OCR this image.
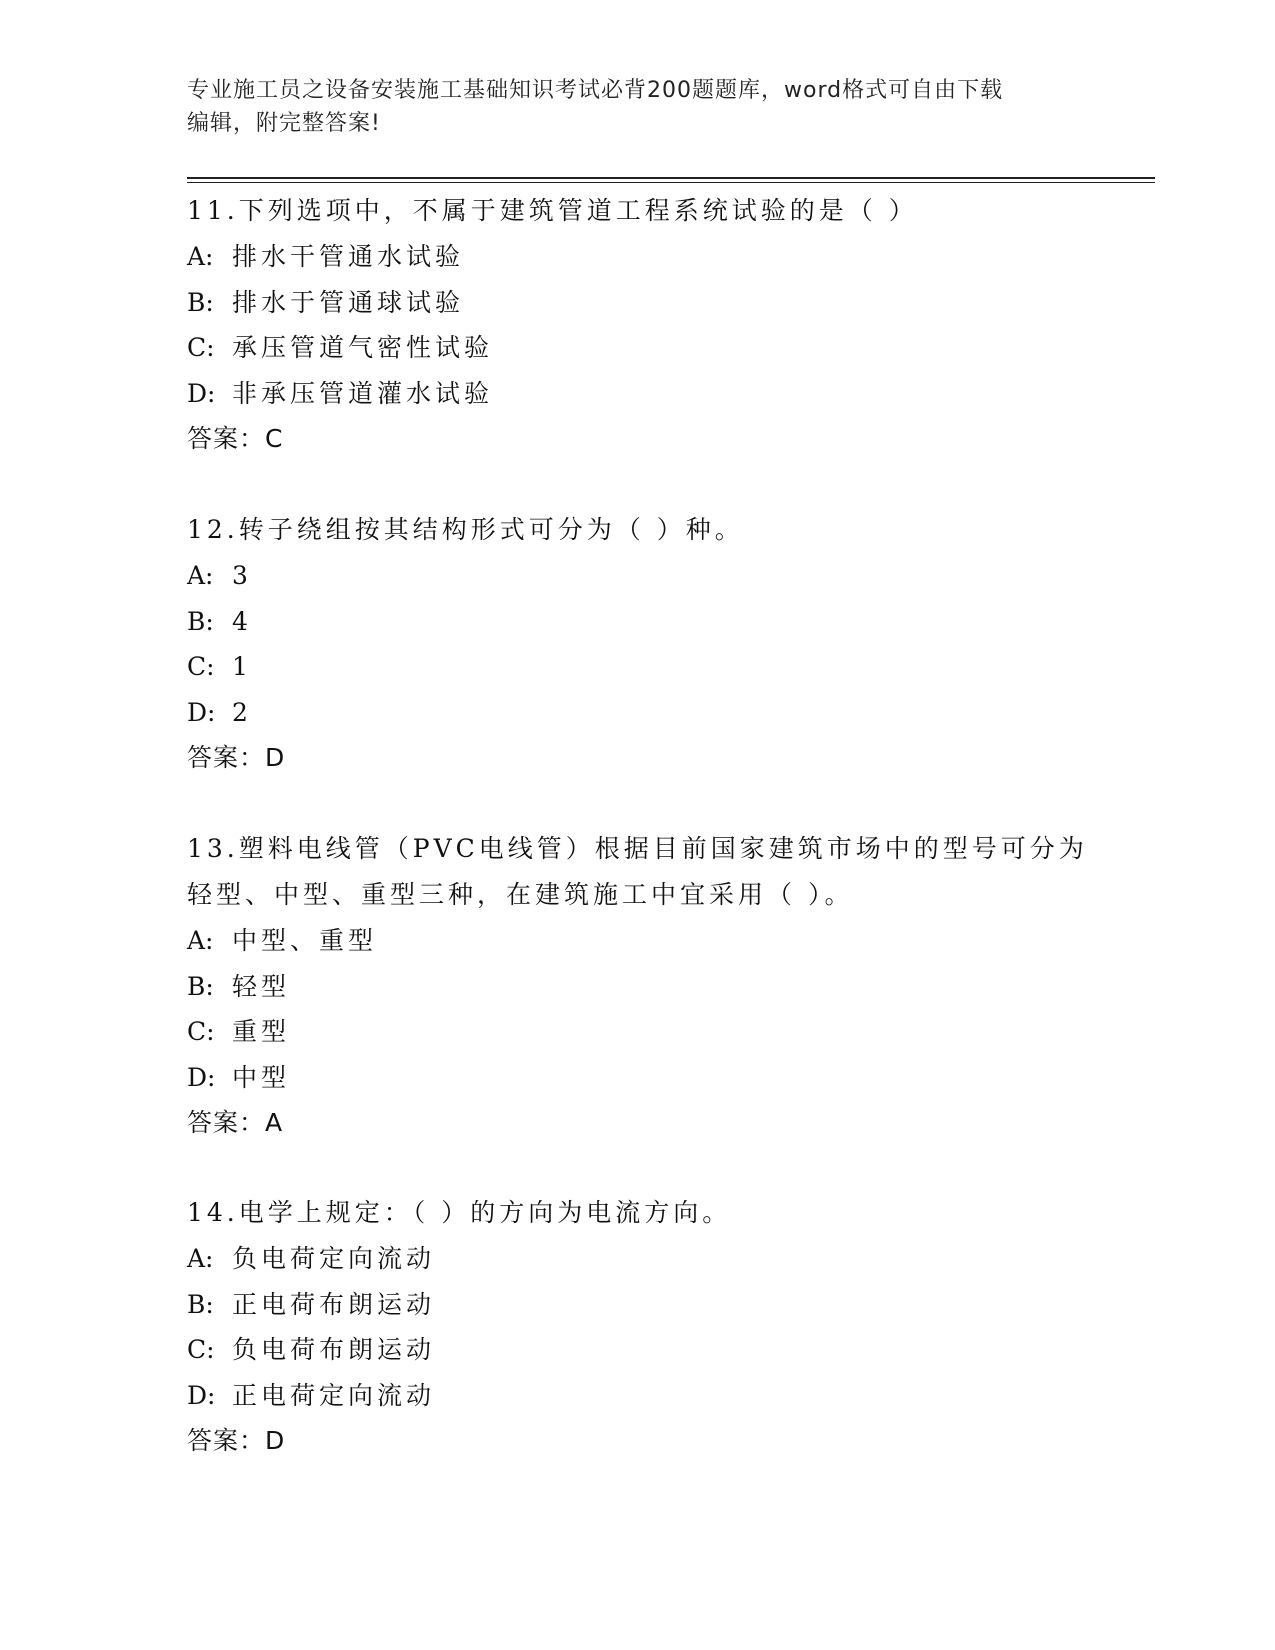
专业施工员之设备安装施工基础知识考试必背200题题库，word格式可自由下载
编辑，附完整答案!
11.下列选项中，不属于建筑管道工程系统试验的是（ ）
A: 排水干管通水试验
B: 排水于管通球试验
C: 承压管道气密性试验
D: 非承压管道灌水试验
答案：C
12.转子绕组按其结构形式可分为（ ）种。
A: 3
B: 4
C: 1
D: 2
答案：D
13.塑料电线管（PVC电线管）根据目前国家建筑市场中的型号可分为
轻型、中型、重型三种，在建筑施工中宜采用（ ）。
A: 中型、重型
B: 轻型
C: 重型
D: 中型
答案：A
14.电学上规定：（ ）的方向为电流方向。
A: 负电荷定向流动
B: 正电荷布朗运动
C: 负电荷布朗运动
D: 正电荷定向流动
答案：D
